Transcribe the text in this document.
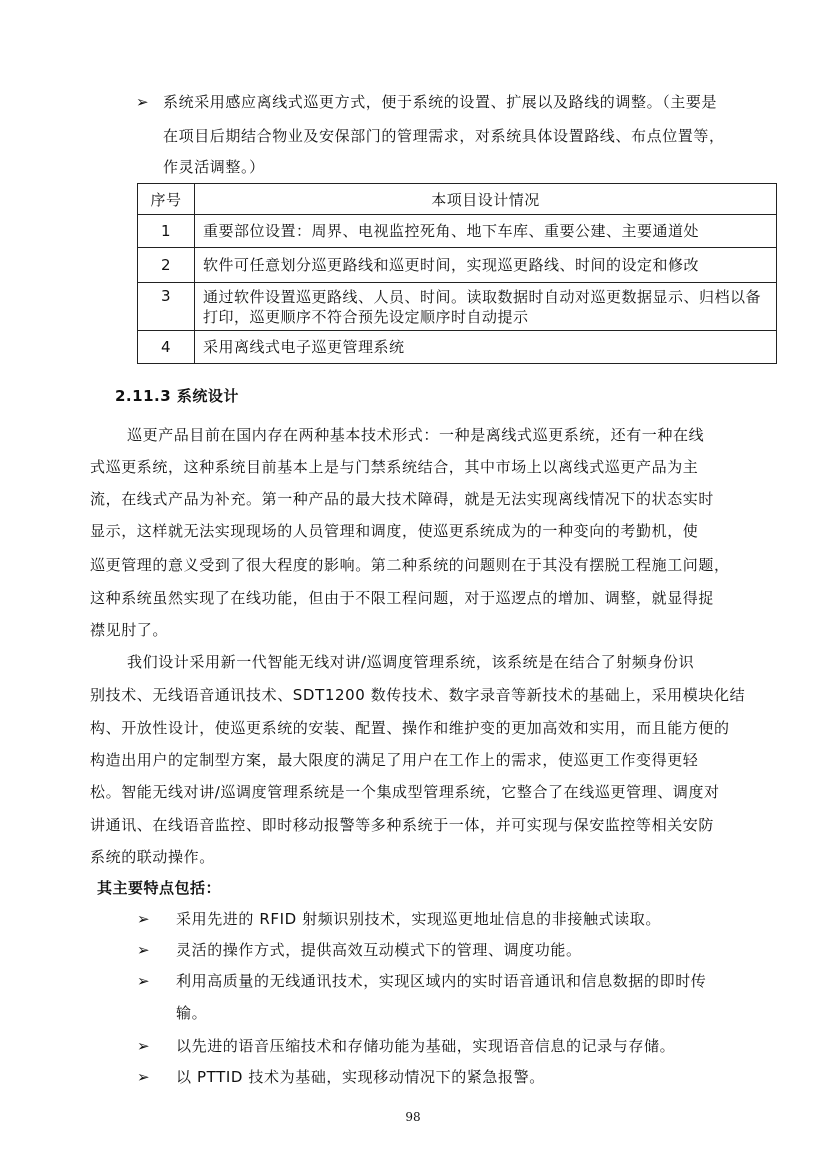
➢ 系统采用感应离线式巡更方式，便于系统的设置、扩展以及路线的调整。（主要是
在项目后期结合物业及安保部门的管理需求，对系统具体设置路线、布点位置等，
作灵活调整。）
序号	本项目设计情况
1	重要部位设置：周界、电视监控死角、地下车库、重要公建、主要通道处
2	软件可任意划分巡更路线和巡更时间，实现巡更路线、时间的设定和修改
3	通过软件设置巡更路线、人员、时间。读取数据时自动对巡更数据显示、归档以备
打印，巡更顺序不符合预先设定顺序时自动提示

4	采用离线式电子巡更管理系统
2.11.3 系统设计
巡更产品目前在国内存在两种基本技术形式：一种是离线式巡更系统，还有一种在线
式巡更系统，这种系统目前基本上是与门禁系统结合，其中市场上以离线式巡更产品为主
流，在线式产品为补充。第一种产品的最大技术障碍，就是无法实现离线情况下的状态实时
显示，这样就无法实现现场的人员管理和调度，使巡更系统成为的一种变向的考勤机，使
巡更管理的意义受到了很大程度的影响。第二种系统的问题则在于其没有摆脱工程施工问题，
这种系统虽然实现了在线功能，但由于不限工程问题，对于巡逻点的增加、调整，就显得捉
襟见肘了。
我们设计采用新一代智能无线对讲/巡调度管理系统，该系统是在结合了射频身份识
别技术、无线语音通讯技术、SDT1200 数传技术、数字录音等新技术的基础上，采用模块化结
构、开放性设计，使巡更系统的安装、配置、操作和维护变的更加高效和实用，而且能方便的
构造出用户的定制型方案，最大限度的满足了用户在工作上的需求，使巡更工作变得更轻
松。智能无线对讲/巡调度管理系统是一个集成型管理系统，它整合了在线巡更管理、调度对
讲通讯、在线语音监控、即时移动报警等多种系统于一体，并可实现与保安监控等相关安防
系统的联动操作。
其主要特点包括：
➢ 采用先进的 RFID 射频识别技术，实现巡更地址信息的非接触式读取。
➢ 灵活的操作方式，提供高效互动模式下的管理、调度功能。
➢ 利用高质量的无线通讯技术，实现区域内的实时语音通讯和信息数据的即时传
输。
➢ 以先进的语音压缩技术和存储功能为基础，实现语音信息的记录与存储。
➢ 以 PTTID 技术为基础，实现移动情况下的紧急报警。
98
